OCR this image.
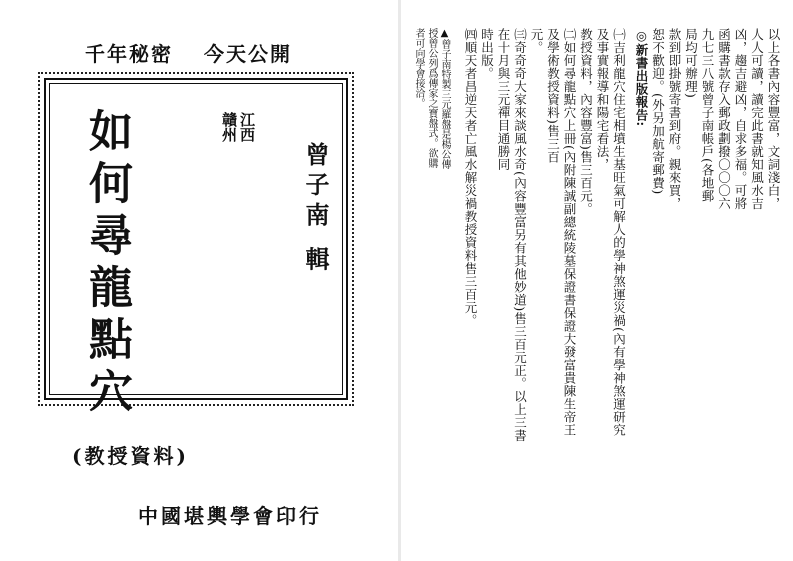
千年秘密 今天公開
如何尋龍點穴	江西
贛州
曾子南 輯
(教授資料)
中國堪輿學會印行
以上各書內容豐富，文詞淺白，
人人可讀，讀完此書就知風水吉
凶，趨吉避凶，自求多福。可將
函購書款存入郵政劃撥〇〇〇六
九七三八號曾子南帳戶(各地郵
局均可辦理)
款到即掛號寄書到府。親來買，
恕不歡迎。(外另加航寄郵費)
◎新書出版報告:
㈠吉利龍穴住宅相墳生基旺氣可解人的學神煞運災禍(內有學神煞運研究及事實報導和陽宅看法，
教授資料，內容豐富)售三百元。
㈡如何尋龍點穴上冊(內附陳誠副總統陵墓保證書保證大發富貴陳生帝王及學術教授資料)售三百
元。
㈢奇奇奇大家來談風水奇(內容豐富另有其他妙道)售三百元正。以上三書在十月與三元禪目通勝同
時出版。
㈣順天者昌逆天者亡風水解災禍教授資料售三百元。
▲曾子南特製三元羅盤是楊公傳
授曾公列爲傳家之寶盤式。欲購
者可向學會接洽。
